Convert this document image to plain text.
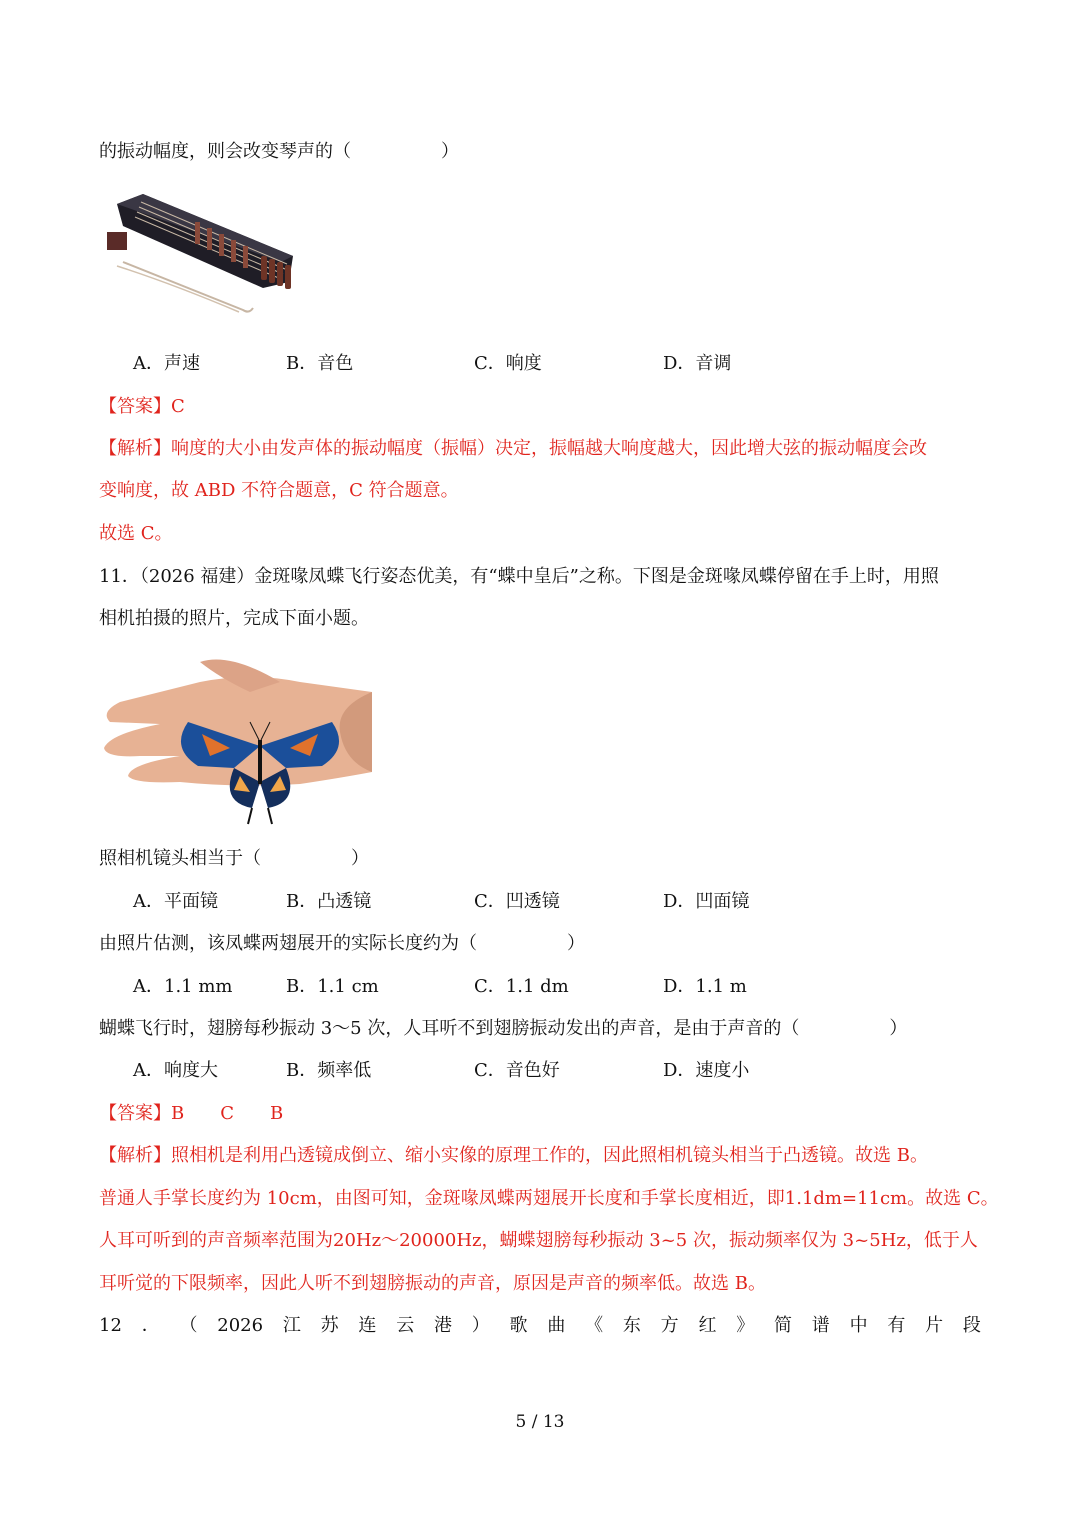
的振动幅度，则会改变琴声的（　　　　　）
A．声速	B．音色	C．响度	D．音调
【答案】C
【解析】响度的大小由发声体的振动幅度（振幅）决定，振幅越大响度越大，因此增大弦的振动幅度会改
变响度，故 ABD 不符合题意，C 符合题意。
故选 C。
11．（2026 福建）金斑喙凤蝶飞行姿态优美，有“蝶中皇后”之称。下图是金斑喙凤蝶停留在手上时，用照
相机拍摄的照片，完成下面小题。
照相机镜头相当于（　　　　　）
A．平面镜	B．凸透镜	C．凹透镜	D．凹面镜
由照片估测，该凤蝶两翅展开的实际长度约为（　　　　　）
A．1.1 mm	B．1.1 cm	C．1.1 dm	D．1.1 m
蝴蝶飞行时，翅膀每秒振动 3～5 次，人耳听不到翅膀振动发出的声音，是由于声音的（　　　　　）
A．响度大	B．频率低	C．音色好	D．速度小
【答案】B　　C　　B
【解析】照相机是利用凸透镜成倒立、缩小实像的原理工作的，因此照相机镜头相当于凸透镜。故选 B。
普通人手掌长度约为 10cm，由图可知，金斑喙凤蝶两翅展开长度和手掌长度相近，即1.1dm=11cm。故选 C。
人耳可听到的声音频率范围为20Hz～20000Hz，蝴蝶翅膀每秒振动 3~5 次，振动频率仅为 3~5Hz，低于人
耳听觉的下限频率，因此人听不到翅膀振动的声音，原因是声音的频率低。故选 B。
12 ． （ 2026 江 苏 连 云 港 ） 歌 曲 《 东 方 红 》 简 谱 中 有 片 段
5 / 13
